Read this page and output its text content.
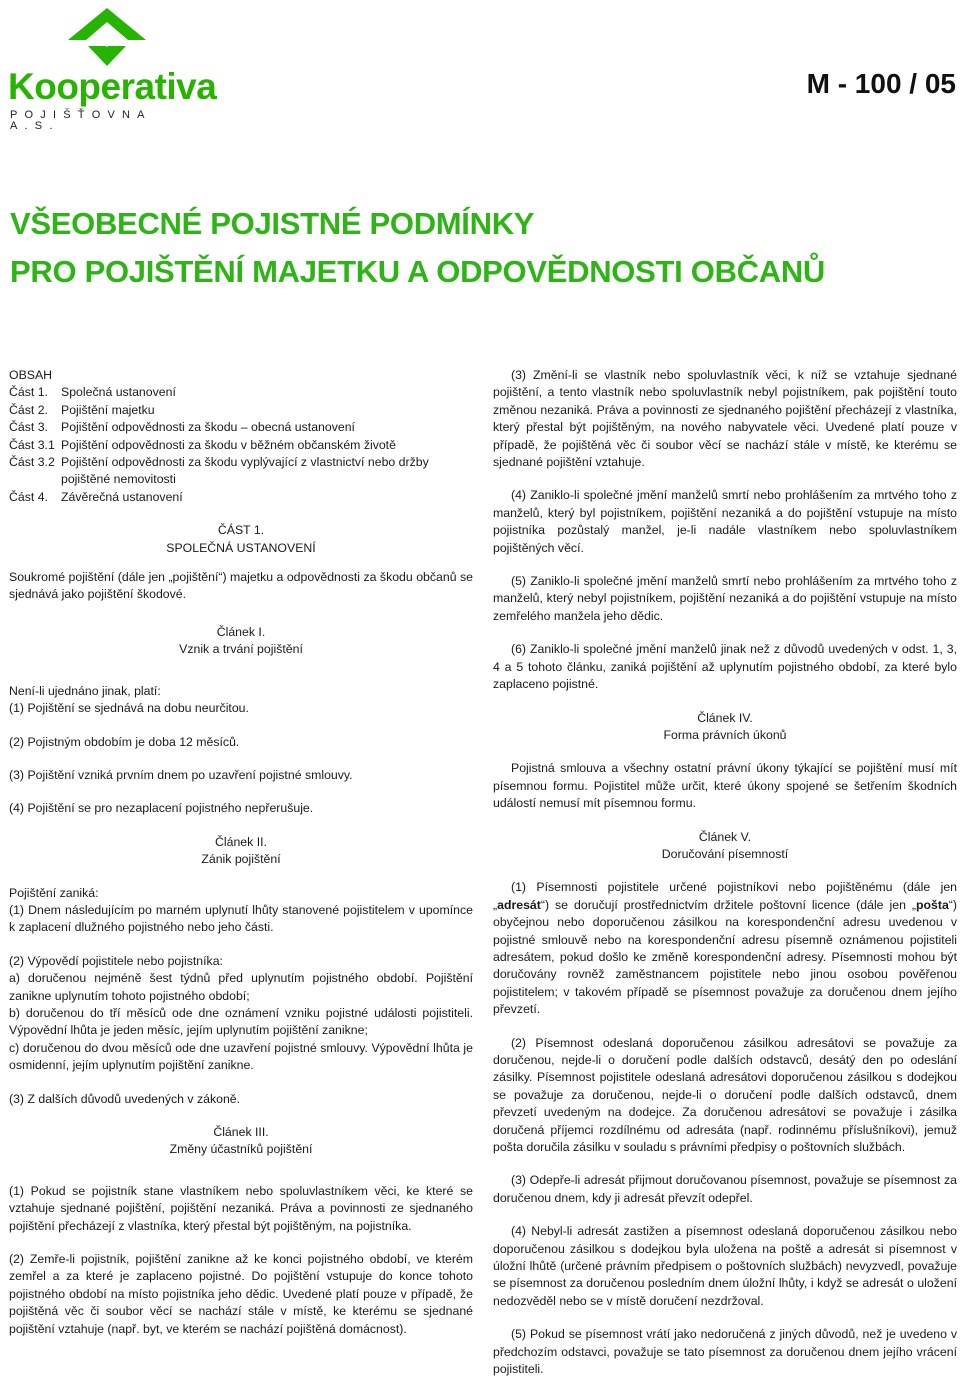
Kooperativa
POJIŠŤOVNA A.S.
M - 100 / 05
VŠEOBECNÉ POJISTNÉ PODMÍNKY
PRO POJIŠTĚNÍ MAJETKU A ODPOVĚDNOSTI OBČANŮ

OBSAH

Část 1.	Společná ustanovení
Část 2.	Pojištění majetku
Část 3.	Pojištění odpovědnosti za škodu – obecná ustanovení
Část 3.1 Pojištění odpovědnosti za škodu v běžném občanském životě
Část 3.2 Pojištění odpovědnosti za škodu vyplývající z vlastnictví nebo držby pojištěné nemovitosti
Část 4.	Závěrečná ustanovení

ČÁST 1.

SPOLEČNÁ USTANOVENÍ

Soukromé pojištění (dále jen „pojištění“) majetku a odpovědnosti za škodu občanů se sjednává jako pojištění škodové.

Článek I.

Vznik a trvání pojištění

Není-li ujednáno jinak, platí:

(1) Pojištění se sjednává na dobu neurčitou.

(2) Pojistným obdobím je doba 12 měsíců.

(3) Pojištění vzniká prvním dnem po uzavření pojistné smlouvy.

(4) Pojištění se pro nezaplacení pojistného nepřerušuje.

Článek II.

Zánik pojištění

Pojištění zaniká:

(1) Dnem následujícím po marném uplynutí lhůty stanovené pojistitelem v upomínce k zaplacení dlužného pojistného nebo jeho části.

(2) Výpovědí pojistitele nebo pojistníka:

a) doručenou nejméně šest týdnů před uplynutím pojistného období. Pojištění zanikne uplynutím tohoto pojistného období;

b) doručenou do tří měsíců ode dne oznámení vzniku pojistné události pojistiteli. Výpovědní lhůta je jeden měsíc, jejím uplynutím pojištění zanikne;

c) doručenou do dvou měsíců ode dne uzavření pojistné smlouvy. Výpovědní lhůta je osmidenní, jejím uplynutím pojištění zanikne.

(3) Z dalších důvodů uvedených v zákoně.

Článek III.

Změny účastníků pojištění

(1) Pokud se pojistník stane vlastníkem nebo spoluvlastníkem věci, ke které se vztahuje sjednané pojištění, pojištění nezaniká. Práva a povinnosti ze sjednaného pojištění přecházejí z vlastníka, který přestal být pojištěným, na pojistníka.

(2) Zemře-li pojistník, pojištění zanikne až ke konci pojistného období, ve kterém zemřel a za které je zaplaceno pojistné. Do pojištění vstupuje do konce tohoto pojistného období na místo pojistníka jeho dědic. Uvedené platí pouze v případě, že pojištěná věc či soubor věcí se nachází stále v místě, ke kterému se sjednané pojištění vztahuje (např. byt, ve kterém se nachází pojištěná domácnost).

(3) Změní-li se vlastník nebo spoluvlastník věci, k níž se vztahuje sjednané pojištění, a tento vlastník nebo spoluvlastník nebyl pojistníkem, pak pojištění touto změnou nezaniká. Práva a povinnosti ze sjednaného pojištění přecházejí z vlastníka, který přestal být pojištěným, na nového nabyvatele věci. Uvedené platí pouze v případě, že pojištěná věc či soubor věcí se nachází stále v místě, ke kterému se sjednané pojištění vztahuje.

(4) Zaniklo-li společné jmění manželů smrtí nebo prohlášením za mrtvého toho z manželů, který byl pojistníkem, pojištění nezaniká a do pojištění vstupuje na místo pojistníka pozůstalý manžel, je-li nadále vlastníkem nebo spoluvlastníkem pojištěných věcí.

(5) Zaniklo-li společné jmění manželů smrtí nebo prohlášením za mrtvého toho z manželů, který nebyl pojistníkem, pojištění nezaniká a do pojištění vstupuje na místo zemřelého manžela jeho dědic.

(6) Zaniklo-li společné jmění manželů jinak než z důvodů uvedených v odst. 1, 3, 4 a 5 tohoto článku, zaniká pojištění až uplynutím pojistného období, za které bylo zaplaceno pojistné.

Článek IV.

Forma právních úkonů

Pojistná smlouva a všechny ostatní právní úkony týkající se pojištění musí mít písemnou formu. Pojistitel může určit, které úkony spojené se šetřením škodních událostí nemusí mít písemnou formu.

Článek V.

Doručování písemností

(1) Písemnosti pojistitele určené pojistníkovi nebo pojištěnému (dále jen „adresát“) se doručují prostřednictvím držitele poštovní licence (dále jen „pošta“) obyčejnou nebo doporučenou zásilkou na korespondenční adresu uvedenou v pojistné smlouvě nebo na korespondenční adresu písemně oznámenou pojistiteli adresátem, pokud došlo ke změně korespondenční adresy. Písemnosti mohou být doručovány rovněž zaměstnancem pojistitele nebo jinou osobou pověřenou pojistitelem; v takovém případě se písemnost považuje za doručenou dnem jejího převzetí.

(2) Písemnost odeslaná doporučenou zásilkou adresátovi se považuje za doručenou, nejde-li o doručení podle dalších odstavců, desátý den po odeslání zásilky. Písemnost pojistitele odeslaná adresátovi doporučenou zásilkou s dodejkou se považuje za doručenou, nejde-li o doručení podle dalších odstavců, dnem převzetí uvedeným na dodejce. Za doručenou adresátovi se považuje i zásilka doručená příjemci rozdílnému od adresáta (např. rodinnému příslušníkovi), jemuž pošta doručila zásilku v souladu s právními předpisy o poštovních službách.

(3) Odepře-li adresát přijmout doručovanou písemnost, považuje se písemnost za doručenou dnem, kdy ji adresát převzít odepřel.

(4) Nebyl-li adresát zastižen a písemnost odeslaná doporučenou zásilkou nebo doporučenou zásilkou s dodejkou byla uložena na poště a adresát si písemnost v úložní lhůtě (určené právním předpisem o poštovních službách) nevyzvedl, považuje se písemnost za doručenou posledním dnem úložní lhůty, i když se adresát o uložení nedozvěděl nebo se v místě doručení nezdržoval.

(5) Pokud se písemnost vrátí jako nedoručená z jiných důvodů, než je uvedeno v předchozím odstavci, považuje se tato písemnost za doručenou dnem jejího vrácení pojistiteli.
